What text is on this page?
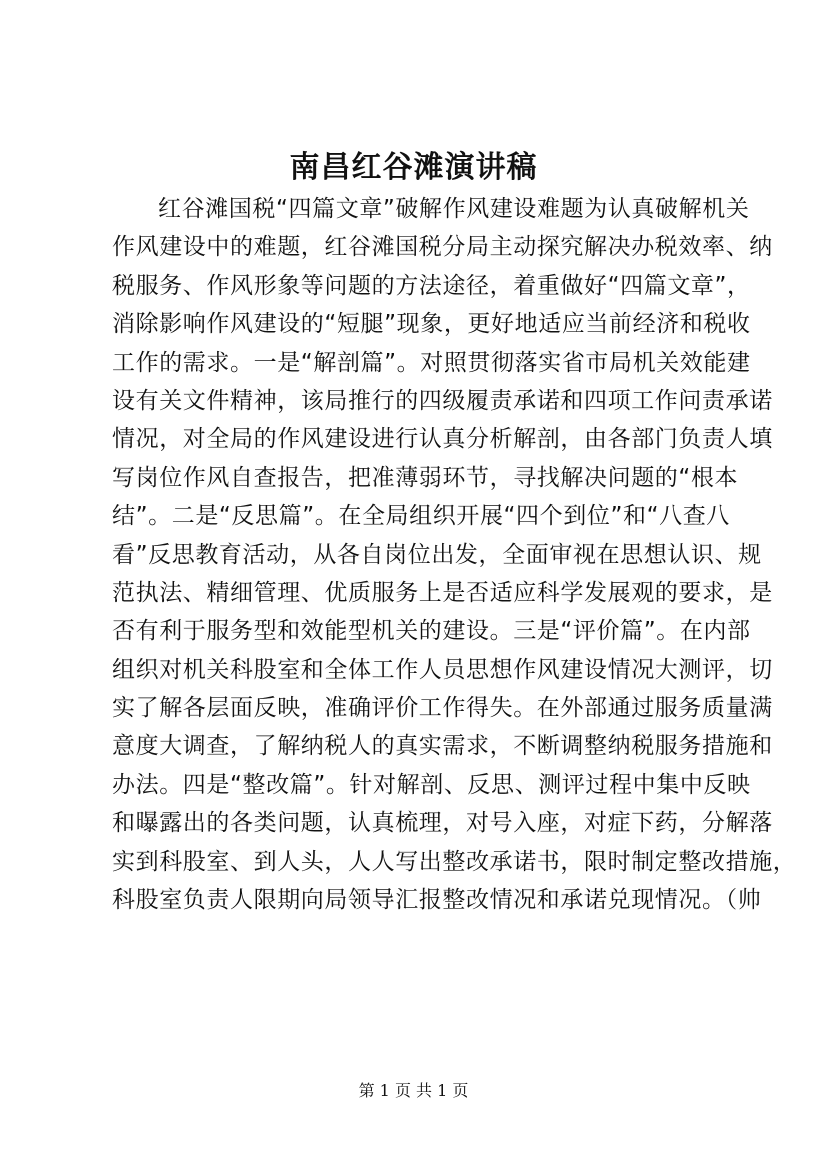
南昌红谷滩演讲稿
红谷滩国税“四篇文章”破解作风建设难题为认真破解机关
作风建设中的难题，红谷滩国税分局主动探究解决办税效率、纳
税服务、作风形象等问题的方法途径，着重做好“四篇文章”，
消除影响作风建设的“短腿”现象，更好地适应当前经济和税收
工作的需求。一是“解剖篇”。对照贯彻落实省市局机关效能建
设有关文件精神，该局推行的四级履责承诺和四项工作问责承诺
情况，对全局的作风建设进行认真分析解剖，由各部门负责人填
写岗位作风自查报告，把准薄弱环节，寻找解决问题的“根本
结”。二是“反思篇”。在全局组织开展“四个到位”和“八查八
看”反思教育活动，从各自岗位出发，全面审视在思想认识、规
范执法、精细管理、优质服务上是否适应科学发展观的要求，是
否有利于服务型和效能型机关的建设。三是“评价篇”。在内部
组织对机关科股室和全体工作人员思想作风建设情况大测评，切
实了解各层面反映，准确评价工作得失。在外部通过服务质量满
意度大调查，了解纳税人的真实需求，不断调整纳税服务措施和
办法。四是“整改篇”。针对解剖、反思、测评过程中集中反映
和曝露出的各类问题，认真梳理，对号入座，对症下药，分解落
实到科股室、到人头，人人写出整改承诺书，限时制定整改措施，
科股室负责人限期向局领导汇报整改情况和承诺兑现情况。（帅
第 1 页 共 1 页
